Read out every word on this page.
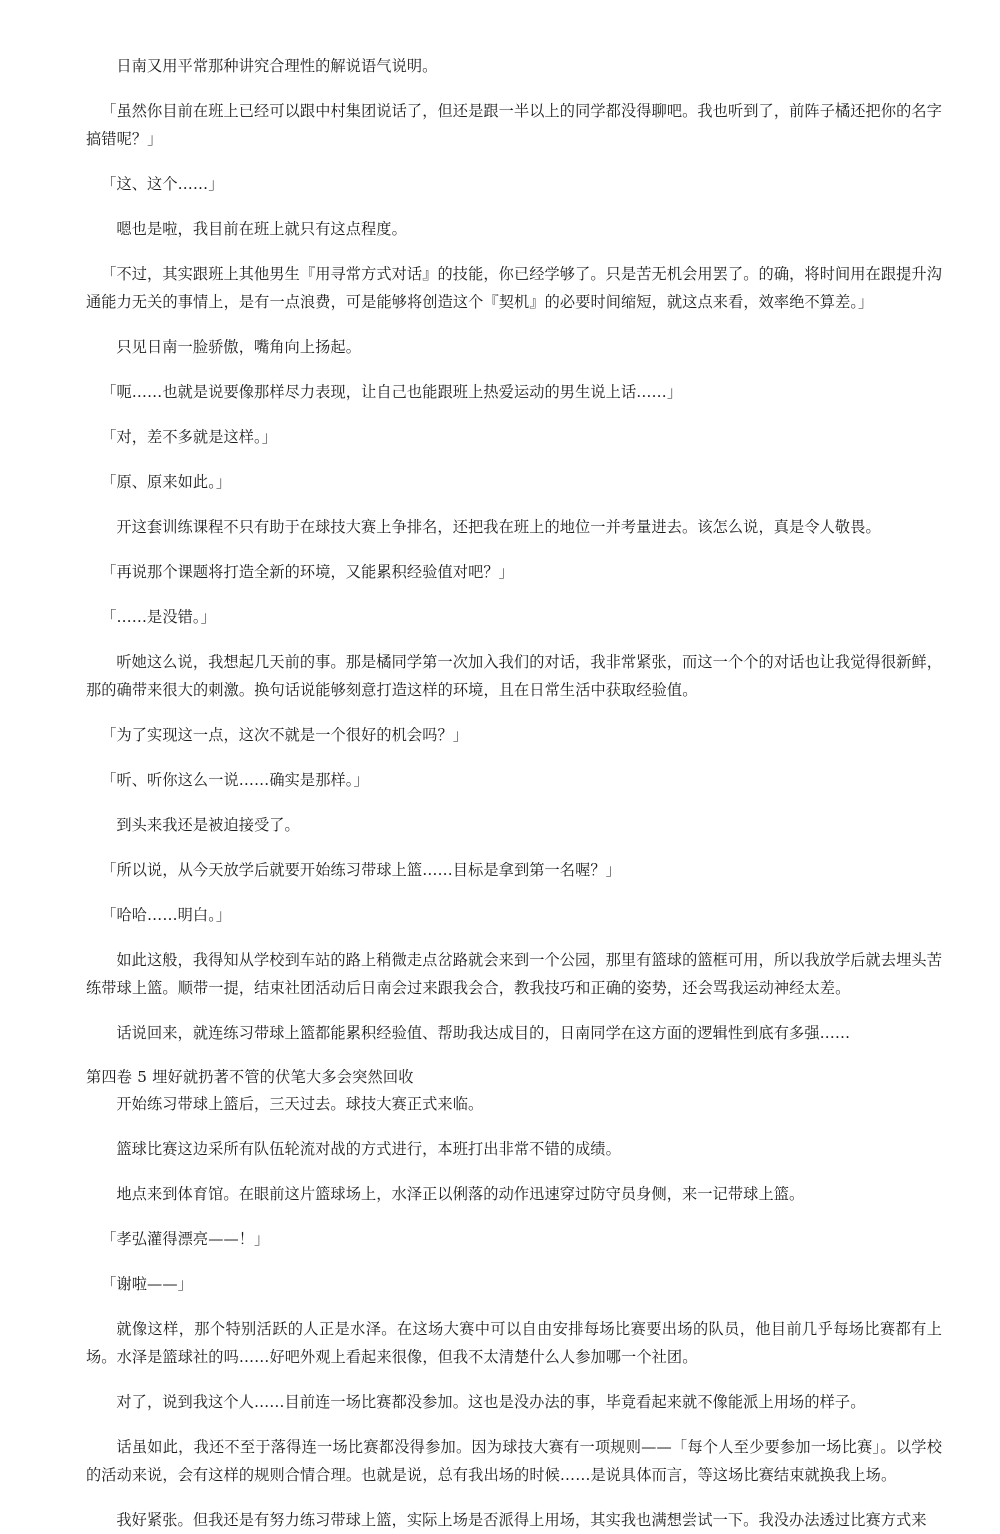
日南又用平常那种讲究合理性的解说语气说明。

「虽然你目前在班上已经可以跟中村集团说话了，但还是跟一半以上的同学都没得聊吧。我也听到了，前阵子橘还把你的名字搞错呢？」

「这、这个……」

嗯也是啦，我目前在班上就只有这点程度。

「不过，其实跟班上其他男生『用寻常方式对话』的技能，你已经学够了。只是苦无机会用罢了。的确，将时间用在跟提升沟通能力无关的事情上，是有一点浪费，可是能够将创造这个『契机』的必要时间缩短，就这点来看，效率绝不算差。」

只见日南一脸骄傲，嘴角向上扬起。

「呃……也就是说要像那样尽力表现，让自己也能跟班上热爱运动的男生说上话……」

「对，差不多就是这样。」

「原、原来如此。」

开这套训练课程不只有助于在球技大赛上争排名，还把我在班上的地位一并考量进去。该怎么说，真是令人敬畏。

「再说那个课题将打造全新的环境，又能累积经验值对吧？」

「……是没错。」

听她这么说，我想起几天前的事。那是橘同学第一次加入我们的对话，我非常紧张，而这一个个的对话也让我觉得很新鲜，那的确带来很大的刺激。换句话说能够刻意打造这样的环境，且在日常生活中获取经验值。

「为了实现这一点，这次不就是一个很好的机会吗？」

「听、听你这么一说……确实是那样。」

到头来我还是被迫接受了。

「所以说，从今天放学后就要开始练习带球上篮……目标是拿到第一名喔？」

「哈哈……明白。」

如此这般，我得知从学校到车站的路上稍微走点岔路就会来到一个公园，那里有篮球的篮框可用，所以我放学后就去埋头苦练带球上篮。顺带一提，结束社团活动后日南会过来跟我会合，教我技巧和正确的姿势，还会骂我运动神经太差。

话说回来，就连练习带球上篮都能累积经验值、帮助我达成目的，日南同学在这方面的逻辑性到底有多强……

第四卷 5 埋好就扔著不管的伏笔大多会突然回收

开始练习带球上篮后，三天过去。球技大赛正式来临。

篮球比赛这边采所有队伍轮流对战的方式进行，本班打出非常不错的成绩。

地点来到体育馆。在眼前这片篮球场上，水泽正以俐落的动作迅速穿过防守员身侧，来一记带球上篮。

「孝弘灌得漂亮——！」

「谢啦——」

就像这样，那个特别活跃的人正是水泽。在这场大赛中可以自由安排每场比赛要出场的队员，他目前几乎每场比赛都有上场。水泽是篮球社的吗……好吧外观上看起来很像，但我不太清楚什么人参加哪一个社团。

对了，说到我这个人……目前连一场比赛都没参加。这也是没办法的事，毕竟看起来就不像能派上用场的样子。

话虽如此，我还不至于落得连一场比赛都没得参加。因为球技大赛有一项规则——「每个人至少要参加一场比赛」。以学校的活动来说，会有这样的规则合情合理。也就是说，总有我出场的时候……是说具体而言，等这场比赛结束就换我上场。

我好紧张。但我还是有努力练习带球上篮，实际上场是否派得上用场，其实我也满想尝试一下。我没办法透过比赛方式来
